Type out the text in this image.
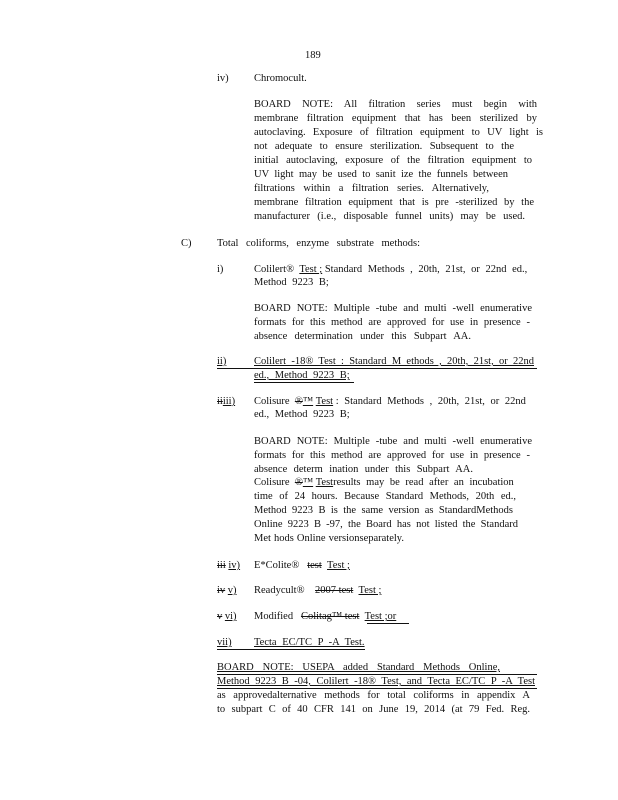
189
iv) Chromocult.
BOARD NOTE: All filtration series must begin with
membrane filtration equipment that has been sterilized by
autoclaving. Exposure of filtration equipment to UV light is
not adequate to ensure sterilization. Subsequent to the
initial autoclaving, exposure of the filtration equipment to
UV light may be used to sanit ize the funnels between
filtrations within a filtration series. Alternatively,
membrane filtration equipment that is pre -sterilized by the
manufacturer (i.e., disposable funnel units) may be used.
C) Total coliforms, enzyme substrate methods:
i)	Colilert® Test ; Standard Methods , 20th, 21st, or 22nd ed.,
Method 9223 B;
BOARD NOTE: Multiple -tube and multi -well enumerative
formats for this method are approved for use in presence -
absence determination under this Subpart AA.
ii)	Colilert -18® Test : Standard M ethods , 20th, 21st, or 22nd
ed., Method 9223 B;
iiiii) Colisure ®™ Test : Standard Methods , 20th, 21st, or 22nd
ed., Method 9223 B;
BOARD NOTE: Multiple -tube and multi -well enumerative
formats for this method are approved for use in presence -
absence determ ination under this Subpart AA.
Colisure ®™ Testresults may be read after an incubation
time of 24 hours. Because Standard Methods, 20th ed.,
Method 9223 B is the same version as StandardMethods
Online 9223 B -97, the Board has not listed the Standard
Met hods Online versionseparately.
iii iv) E*Colite® test Test ;
iv v) Readycult® 2007 test Test ;
v vi) Modified Colitag™ test Test ;or
vii) Tecta EC/TC P -A Test.
BOARD NOTE: USEPA added Standard Methods Online,
Method 9223 B -04, Colilert -18® Test, and Tecta EC/TC P -A Test
as approvedalternative methods for total coliforms in appendix A
to subpart C of 40 CFR 141 on June 19, 2014 (at 79 Fed. Reg.
